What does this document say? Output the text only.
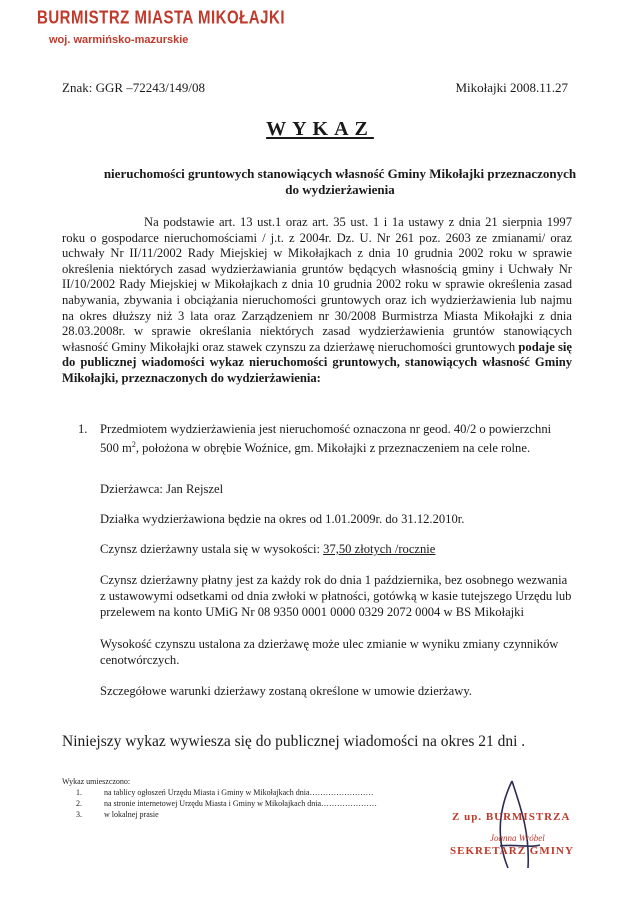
BURMISTRZ MIASTA MIKOŁAJKI
woj. warmińsko-mazurskie
Znak: GGR –72243/149/08	Mikołajki 2008.11.27
WYKAZ
nieruchomości gruntowych stanowiących własność Gminy Mikołajki przeznaczonych do wydzierżawienia
Na podstawie art. 13 ust.1 oraz art. 35 ust. 1 i 1a ustawy z dnia 21 sierpnia 1997 roku o gospodarce nieruchomościami / j.t. z 2004r. Dz. U. Nr 261 poz. 2603 ze zmianami/ oraz uchwały Nr II/11/2002 Rady Miejskiej w Mikołajkach z dnia 10 grudnia 2002 roku w sprawie określenia niektórych zasad wydzierżawiania gruntów będących własnością gminy i Uchwały Nr II/10/2002 Rady Miejskiej w Mikołajkach z dnia 10 grudnia 2002 roku w sprawie określenia zasad nabywania, zbywania i obciążania nieruchomości gruntowych oraz ich wydzierżawienia lub najmu na okres dłuższy niż 3 lata oraz Zarządzeniem nr 30/2008 Burmistrza Miasta Mikołajki z dnia 28.03.2008r. w sprawie określania niektórych zasad wydzierżawienia gruntów stanowiących własność Gminy Mikołajki oraz stawek czynszu za dzierżawę nieruchomości gruntowych podaje się do publicznej wiadomości wykaz nieruchomości gruntowych, stanowiących własność Gminy Mikołajki, przeznaczonych do wydzierżawienia:
1. Przedmiotem wydzierżawienia jest nieruchomość oznaczona nr geod. 40/2 o powierzchni 500 $m^2$, położona w obrębie Woźnice, gm. Mikołajki z przeznaczeniem na cele rolne.
Dzierżawca: Jan Rejszel
Działka wydzierżawiona będzie na okres od 1.01.2009r. do 31.12.2010r.
Czynsz dzierżawny ustala się w wysokości: 37,50 złotych /rocznie
Czynsz dzierżawny płatny jest za każdy rok do dnia 1 października, bez osobnego wezwania z ustawowymi odsetkami od dnia zwłoki w płatności, gotówką w kasie tutejszego Urzędu lub przelewem na konto UMiG Nr 08 9350 0001 0000 0329 2072 0004 w BS Mikołajki
Wysokość czynszu ustalona za dzierżawę może ulec zmianie w wyniku zmiany czynników cenotwórczych.
Szczegółowe warunki dzierżawy zostaną określone w umowie dzierżawy.
Niniejszy wykaz wywiesza się do publicznej wiadomości na okres 21 dni .
Wykaz umieszczono:
1.	na tablicy ogłoszeń Urzędu Miasta i Gminy w Mikołajkach dnia……………………
2.	na stronie internetowej Urzędu Miasta i Gminy w Mikołajkach dnia…………………
3.	w lokalnej prasie	Z up. BURMISTRZA
Joanna Wróbel
SEKRETARZ GMINY
